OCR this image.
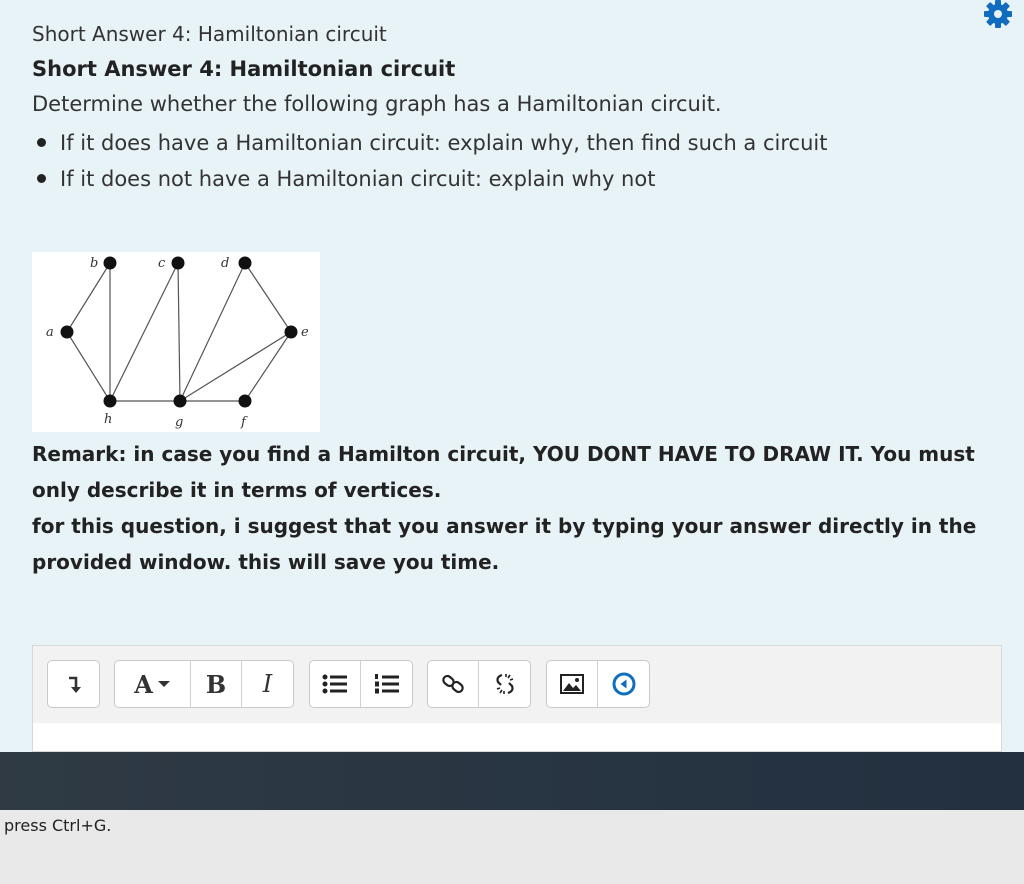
Short Answer 4: Hamiltonian circuit
Short Answer 4: Hamiltonian circuit
Determine whether the following graph has a Hamiltonian circuit.
If it does have a Hamiltonian circuit: explain why, then find such a circuit
If it does not have a Hamiltonian circuit: explain why not
a
b	c	d
e
f
g
h
Remark: in case you find a Hamilton circuit, YOU DONT HAVE TO DRAW IT. You must only describe it in terms of vertices.
for this question, i suggest that you answer it by typing your answer directly in the provided window. this will save you time.
A B I
press Ctrl+G.
